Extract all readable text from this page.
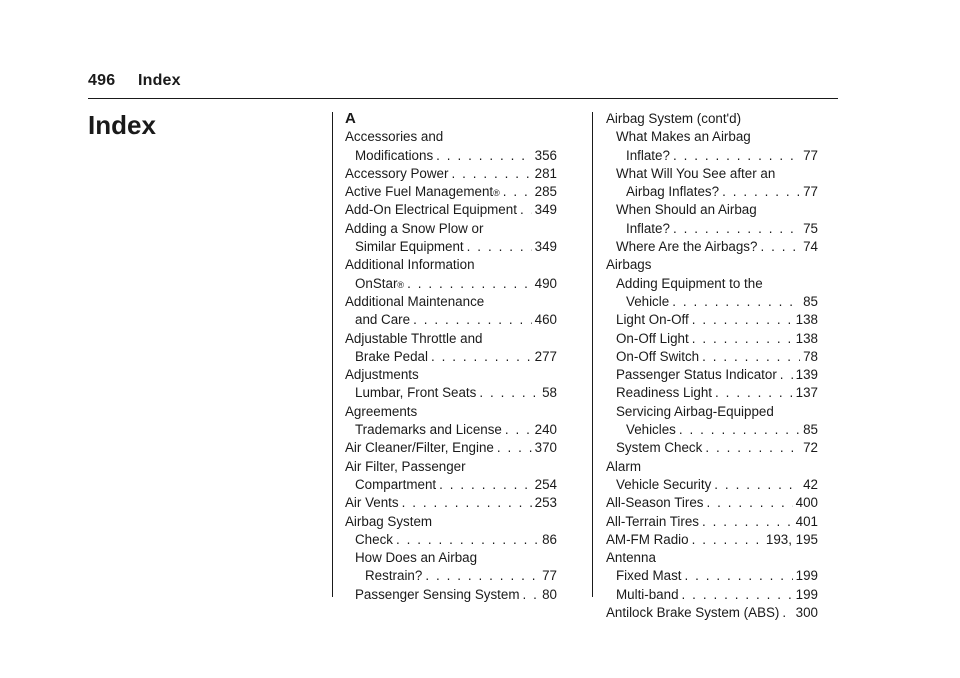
496 Index
Index	A
Accessories and
Modifications . . .	356
Accessory Power . . .	281
Active Fuel Management ® . . .	285
Add-On Electrical Equipment . . . 349
Adding a Snow Plow or
Similar Equipment . . .	349
Additional Information
OnStar ® . . .	490
Additional Maintenance
and Care . . .	460
Adjustable Throttle and
Brake Pedal . . .	277
Adjustments
Lumbar, Front Seats . . .	58
Agreements
Trademarks and License . . . 240
Air Cleaner/Filter, Engine . . .	370
Air Filter, Passenger
Compartment . . .	254
Air Vents . . .	253
Airbag System
Check . . .	86
How Does an Airbag
Restrain? . . .	77
Passenger Sensing System . . . 80
Airbag System (cont'd)
What Makes an Airbag
Inflate? . . .	77
What Will You See after an
Airbag Inflates? . . .	77
When Should an Airbag
Inflate? . . .	75
Where Are the Airbags? . . .	74
Airbags
Adding Equipment to the
Vehicle . . .	85
Light On-Off . . .	138
On-Off Light . . .	138
On-Off Switch . . .	78
Passenger Status Indicator . . . 139
Readiness Light . . .	137
Servicing Airbag-Equipped
Vehicles . . .	85
System Check . . .	72
Alarm
Vehicle Security . . .	42
All-Season Tires . . .	400
All-Terrain Tires . . .	401
AM-FM Radio . . .	193, 195
Antenna
Fixed Mast . . .	199
Multi-band . . .	199
Antilock Brake System (ABS) . . . 300
